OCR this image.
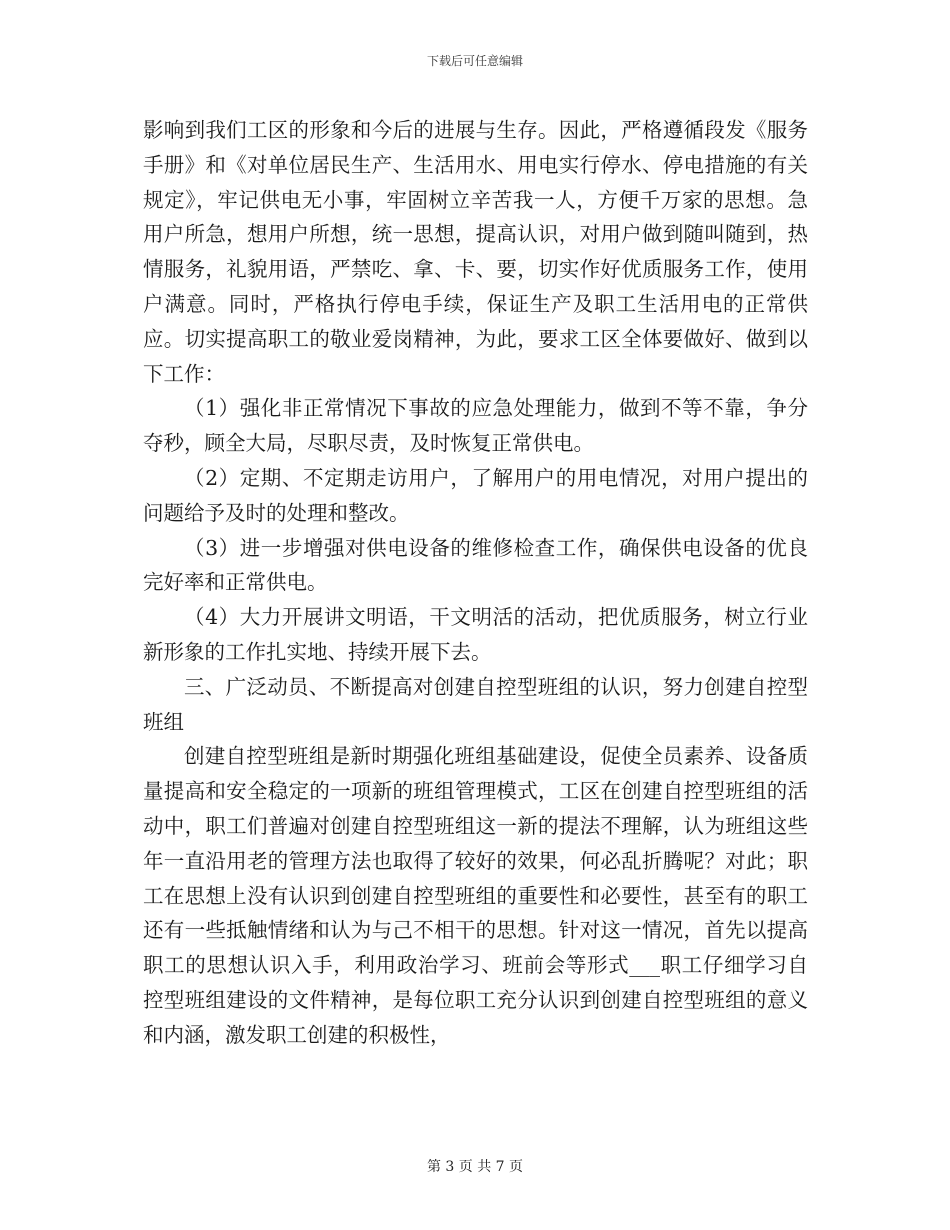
下载后可任意编辑

影响到我们工区的形象和今后的进展与生存。因此，严格遵循段发《服务手册》和《对单位居民生产、生活用水、用电实行停水、停电措施的有关规定》，牢记供电无小事，牢固树立辛苦我一人，方便千万家的思想。急用户所急，想用户所想，统一思想，提高认识，对用户做到随叫随到，热情服务，礼貌用语，严禁吃、拿、卡、要，切实作好优质服务工作，使用户满意。同时，严格执行停电手续，保证生产及职工生活用电的正常供应。切实提高职工的敬业爱岗精神，为此，要求工区全体要做好、做到以下工作：

（1）强化非正常情况下事故的应急处理能力，做到不等不靠，争分夺秒，顾全大局，尽职尽责，及时恢复正常供电。

（2）定期、不定期走访用户，了解用户的用电情况，对用户提出的问题给予及时的处理和整改。

（3）进一步增强对供电设备的维修检查工作，确保供电设备的优良完好率和正常供电。

（4）大力开展讲文明语，干文明活的活动，把优质服务，树立行业新形象的工作扎实地、持续开展下去。

三、广泛动员、不断提高对创建自控型班组的认识，努力创建自控型班组

创建自控型班组是新时期强化班组基础建设，促使全员素养、设备质量提高和安全稳定的一项新的班组管理模式，工区在创建自控型班组的活动中，职工们普遍对创建自控型班组这一新的提法不理解，认为班组这些年一直沿用老的管理方法也取得了较好的效果，何必乱折腾呢？对此；职工在思想上没有认识到创建自控型班组的重要性和必要性，甚至有的职工还有一些抵触情绪和认为与己不相干的思想。针对这一情况，首先以提高职工的思想认识入手，利用政治学习、班前会等形式___职工仔细学习自控型班组建设的文件精神，是每位职工充分认识到创建自控型班组的意义和内涵，激发职工创建的积极性，

第 3 页 共 7 页
